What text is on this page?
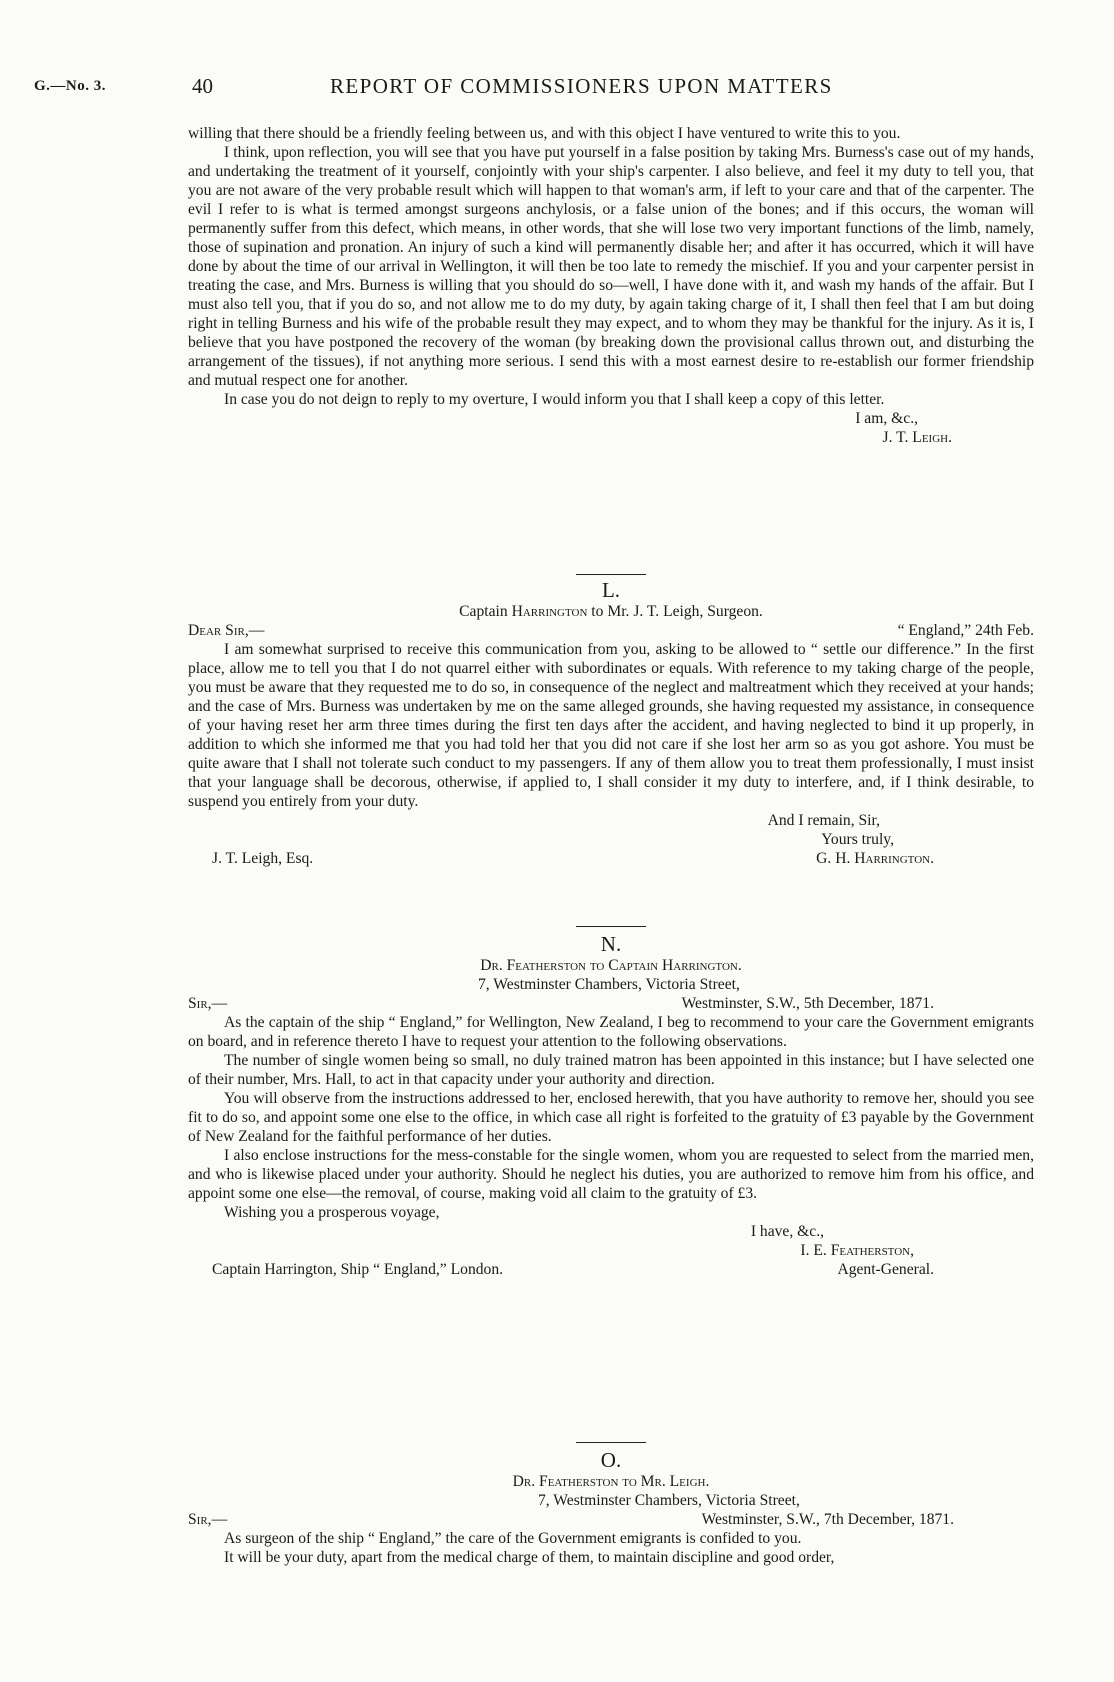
G.—No. 3.	40	REPORT OF COMMISSIONERS UPON MATTERS

willing that there should be a friendly feeling between us, and with this object I have ventured to write this to you.

I think, upon reflection, you will see that you have put yourself in a false position by taking Mrs. Burness's case out of my hands, and undertaking the treatment of it yourself, conjointly with your ship's carpenter. I also believe, and feel it my duty to tell you, that you are not aware of the very probable result which will happen to that woman's arm, if left to your care and that of the carpenter. The evil I refer to is what is termed amongst surgeons anchylosis, or a false union of the bones; and if this occurs, the woman will permanently suffer from this defect, which means, in other words, that she will lose two very important functions of the limb, namely, those of supination and pronation. An injury of such a kind will permanently disable her; and after it has occurred, which it will have done by about the time of our arrival in Wellington, it will then be too late to remedy the mischief. If you and your carpenter persist in treating the case, and Mrs. Burness is willing that you should do so—well, I have done with it, and wash my hands of the affair. But I must also tell you, that if you do so, and not allow me to do my duty, by again taking charge of it, I shall then feel that I am but doing right in telling Burness and his wife of the probable result they may expect, and to whom they may be thankful for the injury. As it is, I believe that you have postponed the recovery of the woman (by breaking down the provisional callus thrown out, and disturbing the arrangement of the tissues), if not anything more serious. I send this with a most earnest desire to re-establish our former friendship and mutual respect one for another.

In case you do not deign to reply to my overture, I would inform you that I shall keep a copy of this letter.

I am, &c.,
J. T. Leigh.
L.
Captain Harrington to Mr. J. T. Leigh, Surgeon.
Dear Sir,—	“ England,” 24th Feb.

I am somewhat surprised to receive this communication from you, asking to be allowed to “ settle our difference.” In the first place, allow me to tell you that I do not quarrel either with subordinates or equals. With reference to my taking charge of the people, you must be aware that they requested me to do so, in consequence of the neglect and maltreatment which they received at your hands; and the case of Mrs. Burness was undertaken by me on the same alleged grounds, she having requested my assistance, in consequence of your having reset her arm three times during the first ten days after the accident, and having neglected to bind it up properly, in addition to which she informed me that you had told her that you did not care if she lost her arm so as you got ashore. You must be quite aware that I shall not tolerate such conduct to my passengers. If any of them allow you to treat them professionally, I must insist that your language shall be decorous, otherwise, if applied to, I shall consider it my duty to interfere, and, if I think desirable, to suspend you entirely from your duty.

And I remain, Sir,
Yours truly,
J. T. Leigh, Esq.	G. H. Harrington.
N.
Dr. Featherston to Captain Harrington.
7, Westminster Chambers, Victoria Street,
Sir,—	Westminster, S.W., 5th December, 1871.

As the captain of the ship “ England,” for Wellington, New Zealand, I beg to recommend to your care the Government emigrants on board, and in reference thereto I have to request your attention to the following observations.

The number of single women being so small, no duly trained matron has been appointed in this instance; but I have selected one of their number, Mrs. Hall, to act in that capacity under your authority and direction.

You will observe from the instructions addressed to her, enclosed herewith, that you have authority to remove her, should you see fit to do so, and appoint some one else to the office, in which case all right is forfeited to the gratuity of £3 payable by the Government of New Zealand for the faithful performance of her duties.

I also enclose instructions for the mess-constable for the single women, whom you are requested to select from the married men, and who is likewise placed under your authority. Should he neglect his duties, you are authorized to remove him from his office, and appoint some one else—the removal, of course, making void all claim to the gratuity of £3.

Wishing you a prosperous voyage,

I have, &c.,
I. E. Featherston,
Captain Harrington, Ship “ England,” London.	Agent-General.
O.
Dr. Featherston to Mr. Leigh.
7, Westminster Chambers, Victoria Street,
Sir,—	Westminster, S.W., 7th December, 1871.

As surgeon of the ship “ England,” the care of the Government emigrants is confided to you.

It will be your duty, apart from the medical charge of them, to maintain discipline and good order,
